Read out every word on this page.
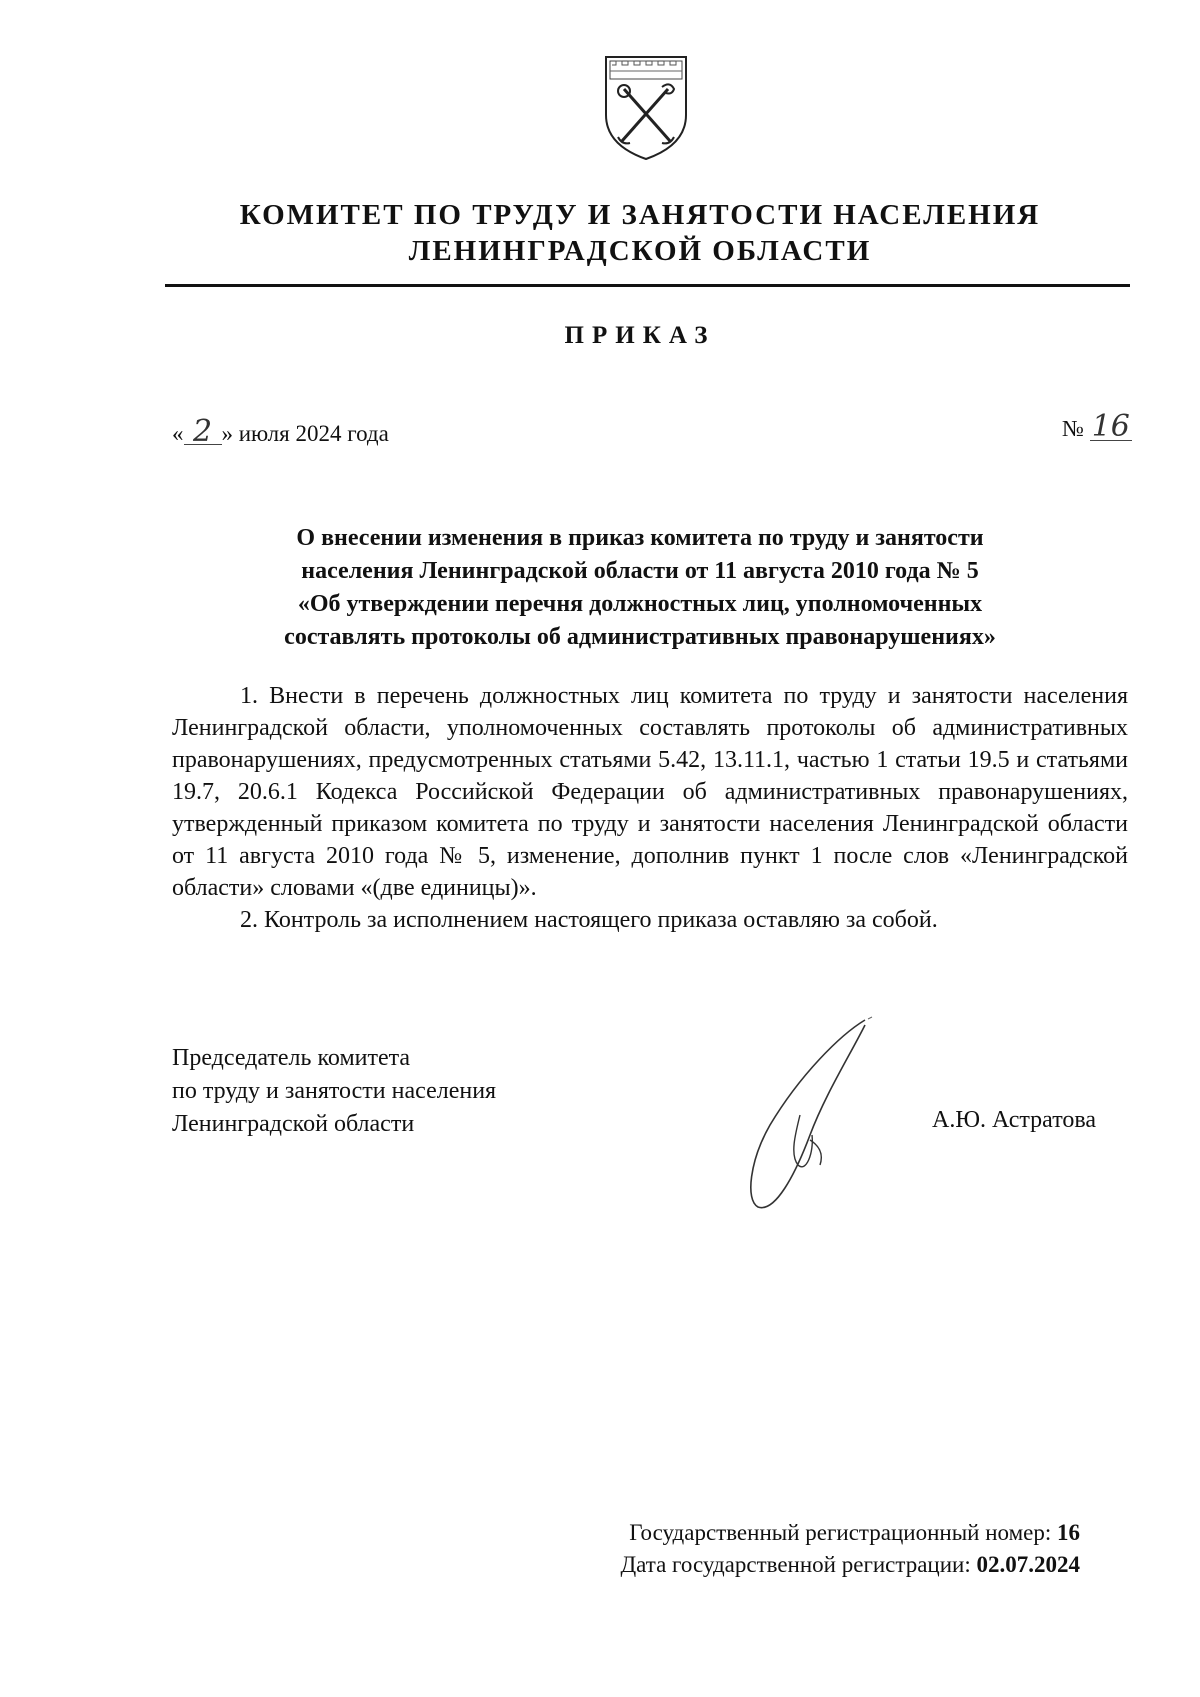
КОМИТЕТ ПО ТРУДУ И ЗАНЯТОСТИ НАСЕЛЕНИЯ
ЛЕНИНГРАДСКОЙ ОБЛАСТИ
ПРИКАЗ
« 2 » июля 2024 года	№ 16
О внесении изменения в приказ комитета по труду и занятости
населения Ленинградской области от 11 августа 2010 года № 5
«Об утверждении перечня должностных лиц, уполномоченных
составлять протоколы об административных правонарушениях»

1. Внести в перечень должностных лиц комитета по труду и занятости населения Ленинградской области, уполномоченных составлять протоколы об административных правонарушениях, предусмотренных статьями 5.42, 13.11.1, частью 1 статьи 19.5 и статьями 19.7, 20.6.1 Кодекса Российской Федерации об административных правонарушениях, утвержденный приказом комитета по труду и занятости населения Ленинградской области от 11 августа 2010 года № 5, изменение, дополнив пункт 1 после слов «Ленинградской области» словами «(две единицы)».

2. Контроль за исполнением настоящего приказа оставляю за собой.

Председатель комитета
по труду и занятости населения
Ленинградской области	А.Ю. Астратова
Государственный регистрационный номер: 16
Дата государственной регистрации: 02.07.2024
